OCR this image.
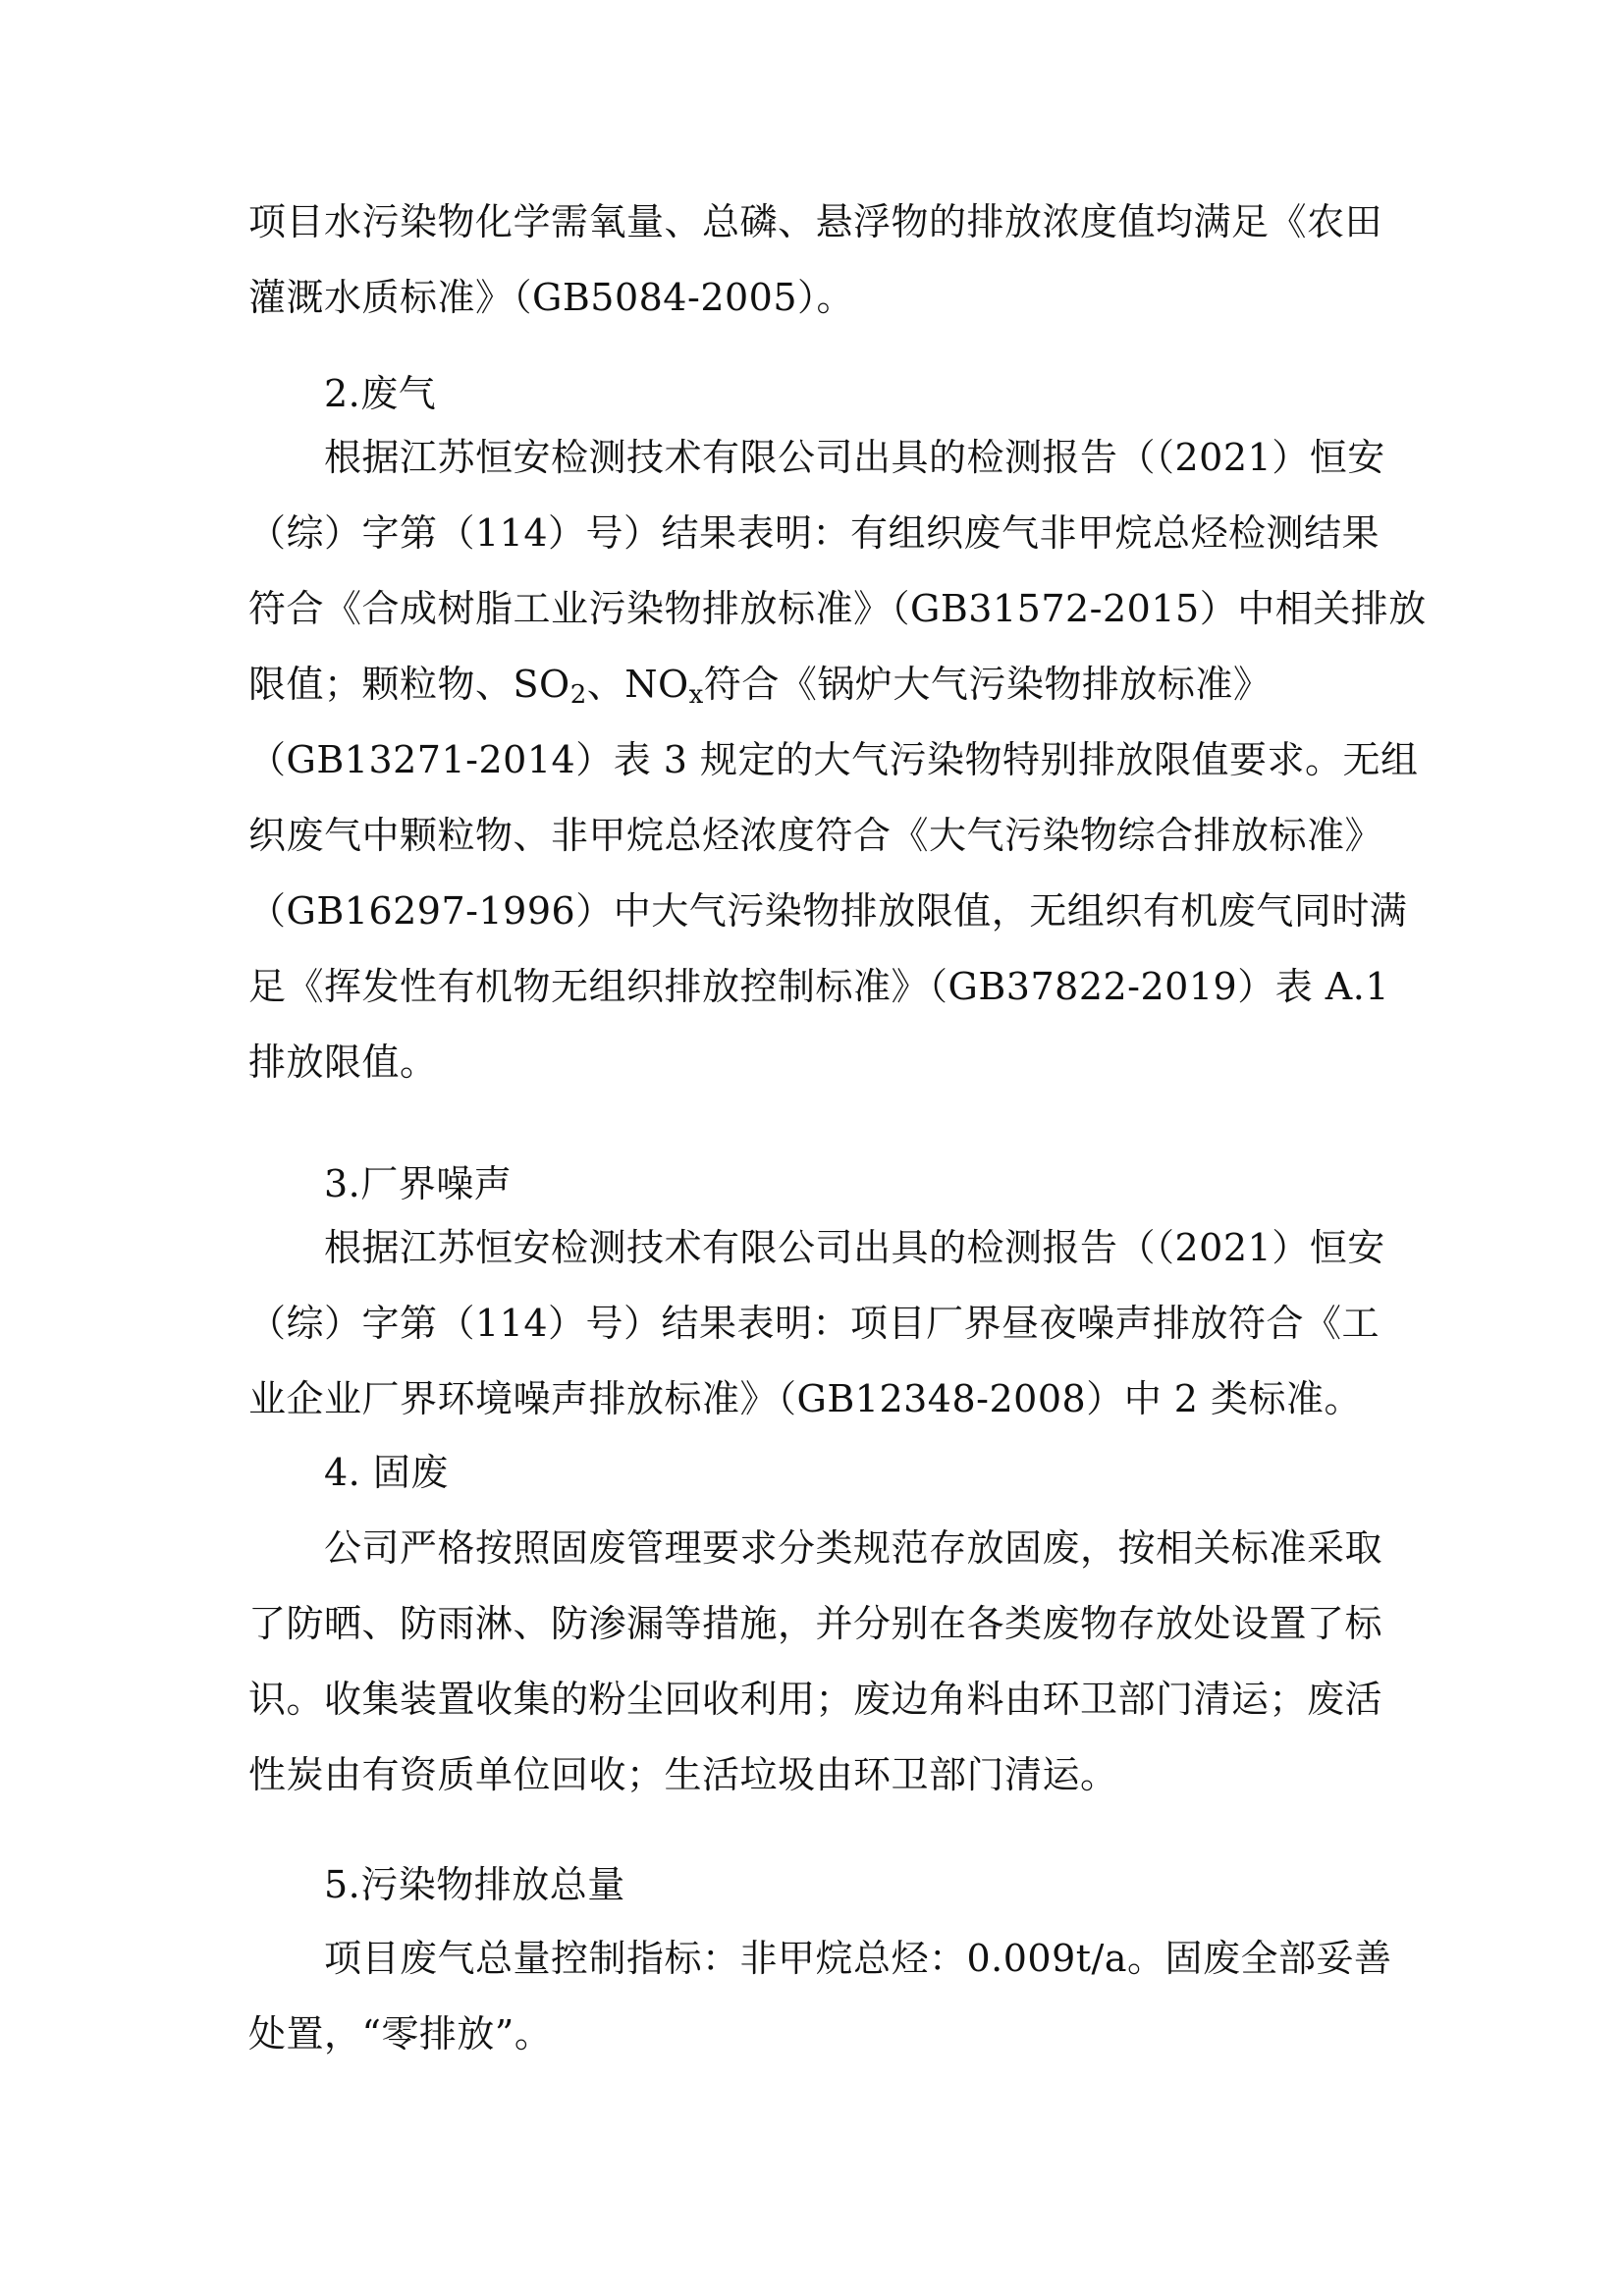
项目水污染物化学需氧量、总磷、悬浮物的排放浓度值均满足《农田
灌溉水质标准》（GB5084-2005）。
2.废气
根据江苏恒安检测技术有限公司出具的检测报告（（2021）恒安
（综）字第（114）号）结果表明：有组织废气非甲烷总烃检测结果
符合《合成树脂工业污染物排放标准》（GB31572-2015）中相关排放
限值；颗粒物、$SO_2$、$NO_x$符合《锅炉大气污染物排放标准》
（GB13271-2014）表 3 规定的大气污染物特别排放限值要求。无组
织废气中颗粒物、非甲烷总烃浓度符合《大气污染物综合排放标准》
（GB16297-1996）中大气污染物排放限值，无组织有机废气同时满
足《挥发性有机物无组织排放控制标准》（GB37822-2019）表 A.1
排放限值。
3.厂界噪声
根据江苏恒安检测技术有限公司出具的检测报告（（2021）恒安
（综）字第（114）号）结果表明：项目厂界昼夜噪声排放符合《工
业企业厂界环境噪声排放标准》（GB12348-2008）中 2 类标准。
4. 固废
公司严格按照固废管理要求分类规范存放固废，按相关标准采取
了防晒、防雨淋、防渗漏等措施，并分别在各类废物存放处设置了标
识。收集装置收集的粉尘回收利用；废边角料由环卫部门清运；废活
性炭由有资质单位回收；生活垃圾由环卫部门清运。
5.污染物排放总量
项目废气总量控制指标：非甲烷总烃：0.009t/a。固废全部妥善
处置，“零排放”。
